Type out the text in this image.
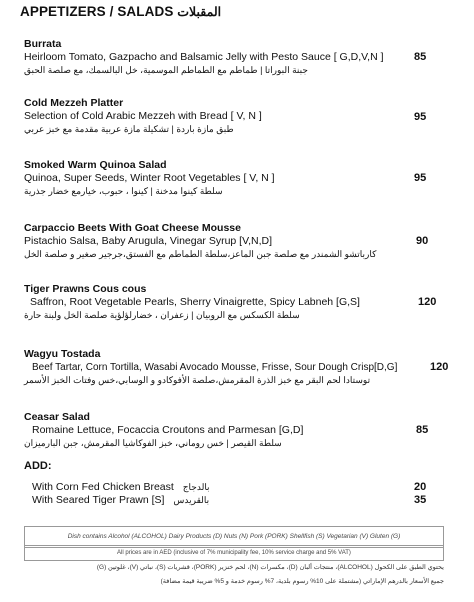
APPETIZERS / SALADS المقبلات
Burrata
Heirloom Tomato, Gazpacho and Balsamic Jelly with Pesto Sauce [ G,D,V,N ]
جبنة البوراتا | طماطم مع الطماطم الموسمية، خل البالسمك، مع صلصة الحبق
85
Cold Mezzeh Platter
Selection of Cold Arabic Mezzeh with Bread [ V, N ]
طبق مازة باردة | تشكيلة مازة عربية مقدمة مع خبز عربي
95
Smoked Warm Quinoa Salad
Quinoa, Super Seeds, Winter Root Vegetables [ V, N ]
سلطة كينوا مدخنة | كينوا ، حبوب، خيارمع خضار جذرية
95
Carpaccio Beets With Goat Cheese Mousse
Pistachio Salsa, Baby Arugula, Vinegar Syrup [V,N,D]
كارباتشو الشمندر مع صلصة جبن الماعز،سلطة الطماطم مع الفستق،جرجير صغير و صلصة الخل
90
Tiger Prawns Cous cous
Saffron, Root Vegetable Pearls, Sherry Vinaigrette, Spicy Labneh [G,S]
سلطة الكسكس مع الروبيان | زعفران ، خضارلؤلؤية صلصة الخل ولبنة حارة
120
Wagyu Tostada
Beef Tartar, Corn Tortilla, Wasabi Avocado Mousse, Frisse, Sour Dough Crisp[D,G]
توستادا لحم البقر مع خبز الذرة المقرمش،صلصة الأفوكادو و الوسابي،خس وفتات الخبز الأسمر
120
Ceasar Salad
Romaine Lettuce, Focaccia Croutons and Parmesan [G,D]
سلطة القيصر | خس روماني، خبز الفوكاشيا المقرمش، جبن البارميزان
85
ADD:
With Corn Fed Chicken Breast بالدجاج	20
With Seared Tiger Prawn [S] بالقريدس	35
Dish contains Alcohol (ALCOHOL) Dairy Products (D) Nuts (N) Pork (PORK) Shellfish (S) Vegetarian (V) Gluten (G)
All prices are in AED (inclusive of 7% municipality fee, 10% service charge and 5% VAT)
يحتوي الطبق على الكحول (ALCOHOL)، منتجات ألبان (D)، مكسرات (N)، لحم خنزير (PORK)، قشريات (S)، نباتي (V)، غلوتين (G)
جميع الأسعار بالدرهم الإماراتي (مشتملة على 10% رسوم بلدية، 7% رسوم خدمة و 5% ضريبة قيمة مضافة)
